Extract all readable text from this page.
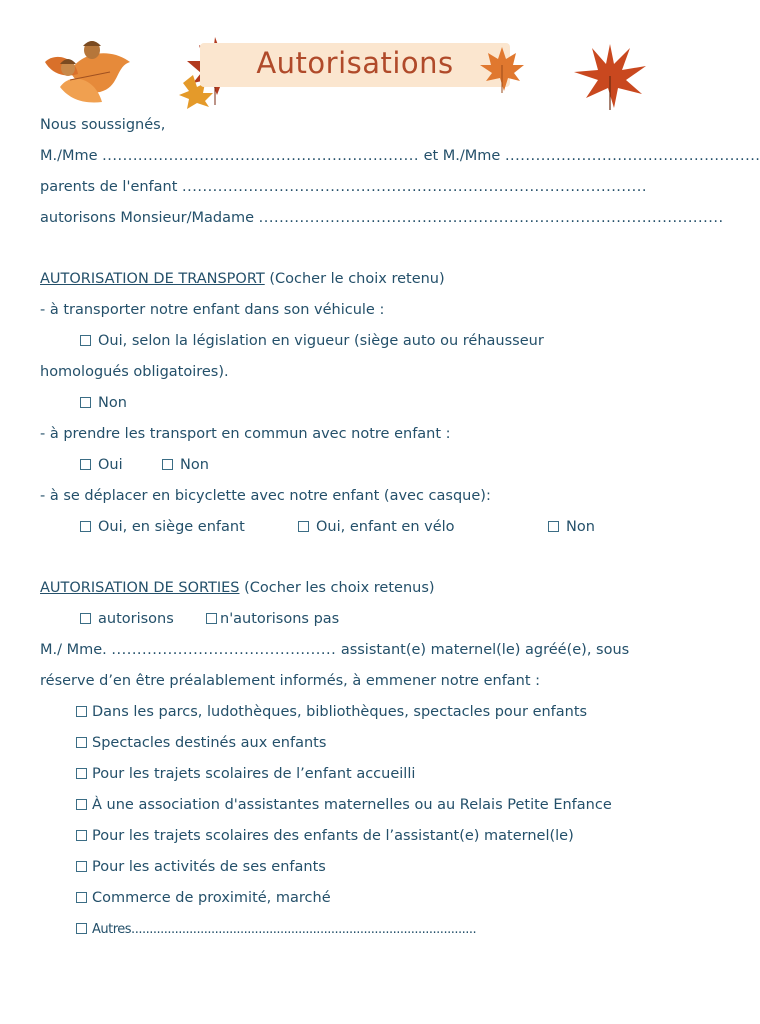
Autorisations
Nous soussignés,
M./Mme .............................................................. et M./Mme ..................................................
parents de l'enfant ...........................................................................................
autorisons Monsieur/Madame ...........................................................................................
AUTORISATION DE TRANSPORT (Cocher le choix retenu)
- à transporter notre enfant dans son véhicule :
Oui, selon la législation en vigueur (siège auto ou réhausseur
homologués obligatoires).
Non
- à prendre les transport en commun avec notre enfant :
Oui	Non
- à se déplacer en bicyclette avec notre enfant (avec casque):
Oui, en siège enfant	Oui, enfant en vélo	Non
AUTORISATION DE SORTIES (Cocher les choix retenus)
autorisons	n'autorisons pas
M./ Mme. ............................................ assistant(e) maternel(le) agréé(e), sous
réserve d’en être préalablement informés, à emmener notre enfant :
Dans les parcs, ludothèques, bibliothèques, spectacles pour enfants
Spectacles destinés aux enfants
Pour les trajets scolaires de l’enfant accueilli
À une association d'assistantes maternelles ou au Relais Petite Enfance
Pour les trajets scolaires des enfants de l’assistant(e) maternel(le)
Pour les activités de ses enfants
Commerce de proximité, marché
Autres...............................................................................................
